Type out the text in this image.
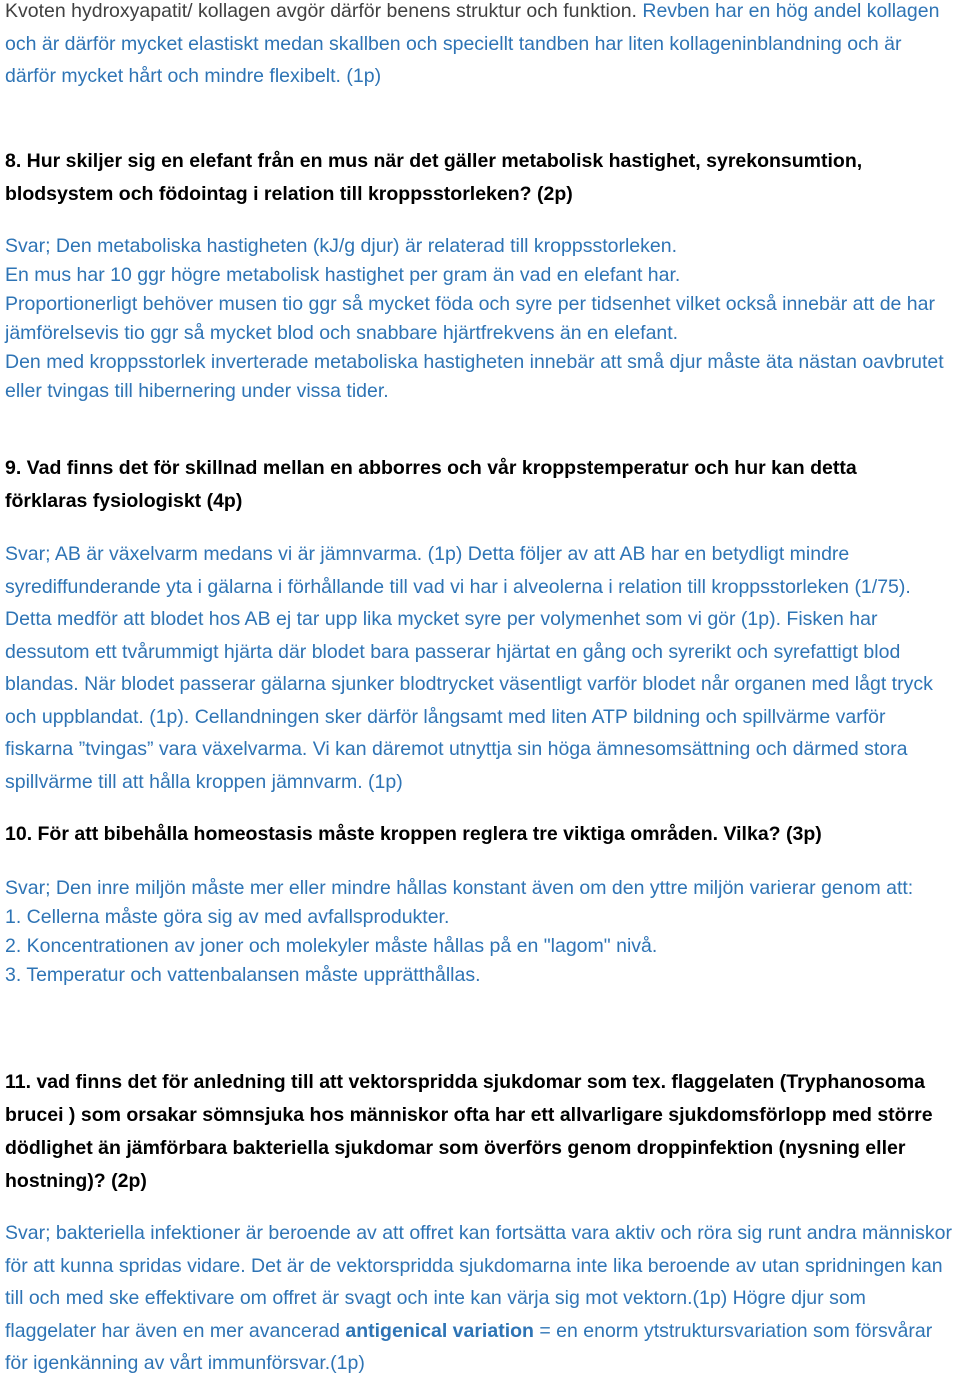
Kvoten hydroxyapatit/ kollagen avgör därför benens struktur och funktion. Revben har en hög andel kollagen och är därför mycket elastiskt medan skallben och speciellt tandben har liten kollageninblandning och är därför mycket hårt och mindre flexibelt. (1p)

8. Hur skiljer sig en elefant från en mus när det gäller metabolisk hastighet, syrekonsumtion, blodsystem och födointag i relation till kroppsstorleken? (2p)

Svar; Den metaboliska hastigheten (kJ/g djur) är relaterad till kroppsstorleken.
En mus har 10 ggr högre metabolisk hastighet per gram än vad en elefant har.
Proportionerligt behöver musen tio ggr så mycket föda och syre per tidsenhet vilket också innebär att de har jämförelsevis tio ggr så mycket blod och snabbare hjärtfrekvens än en elefant.
Den med kroppsstorlek inverterade metaboliska hastigheten innebär att små djur måste äta nästan oavbrutet eller tvingas till hibernering under vissa tider.

9. Vad finns det för skillnad mellan en abborres och vår kroppstemperatur och hur kan detta förklaras fysiologiskt (4p)

Svar; AB är växelvarm medans vi är jämnvarma. (1p) Detta följer av att AB har en betydligt mindre syrediffunderande yta i gälarna i förhållande till vad vi har i alveolerna i relation till kroppsstorleken (1/75). Detta medför att blodet hos AB ej tar upp lika mycket syre per volymenhet som vi gör (1p). Fisken har dessutom ett tvårummigt hjärta där blodet bara passerar hjärtat en gång och syrerikt och syrefattigt blod blandas. När blodet passerar gälarna sjunker blodtrycket väsentligt varför blodet når organen med lågt tryck och uppblandat. (1p). Cellandningen sker därför långsamt med liten ATP bildning och spillvärme varför fiskarna ”tvingas” vara växelvarma. Vi kan däremot utnyttja sin höga ämnesomsättning och därmed stora spillvärme till att hålla kroppen jämnvarm. (1p)

10. För att bibehålla homeostasis måste kroppen reglera tre viktiga områden. Vilka? (3p)

Svar; Den inre miljön måste mer eller mindre hållas konstant även om den yttre miljön varierar genom att:
1. Cellerna måste göra sig av med avfallsprodukter.
2. Koncentrationen av joner och molekyler måste hållas på en "lagom" nivå.
3. Temperatur och vattenbalansen måste upprätthållas.

11. vad finns det för anledning till att vektorspridda sjukdomar som tex. flaggelaten (Tryphanosoma brucei ) som orsakar sömnsjuka hos människor ofta har ett allvarligare sjukdomsförlopp med större dödlighet än jämförbara bakteriella sjukdomar som överförs genom droppinfektion (nysning eller hostning)? (2p)

Svar; bakteriella infektioner är beroende av att offret kan fortsätta vara aktiv och röra sig runt andra människor för att kunna spridas vidare. Det är de vektorspridda sjukdomarna inte lika beroende av utan spridningen kan till och med ske effektivare om offret är svagt och inte kan värja sig mot vektorn.(1p) Högre djur som flaggelater har även en mer avancerad antigenical variation = en enorm ytstruktursvariation som försvårar för igenkänning av vårt immunförsvar.(1p)
